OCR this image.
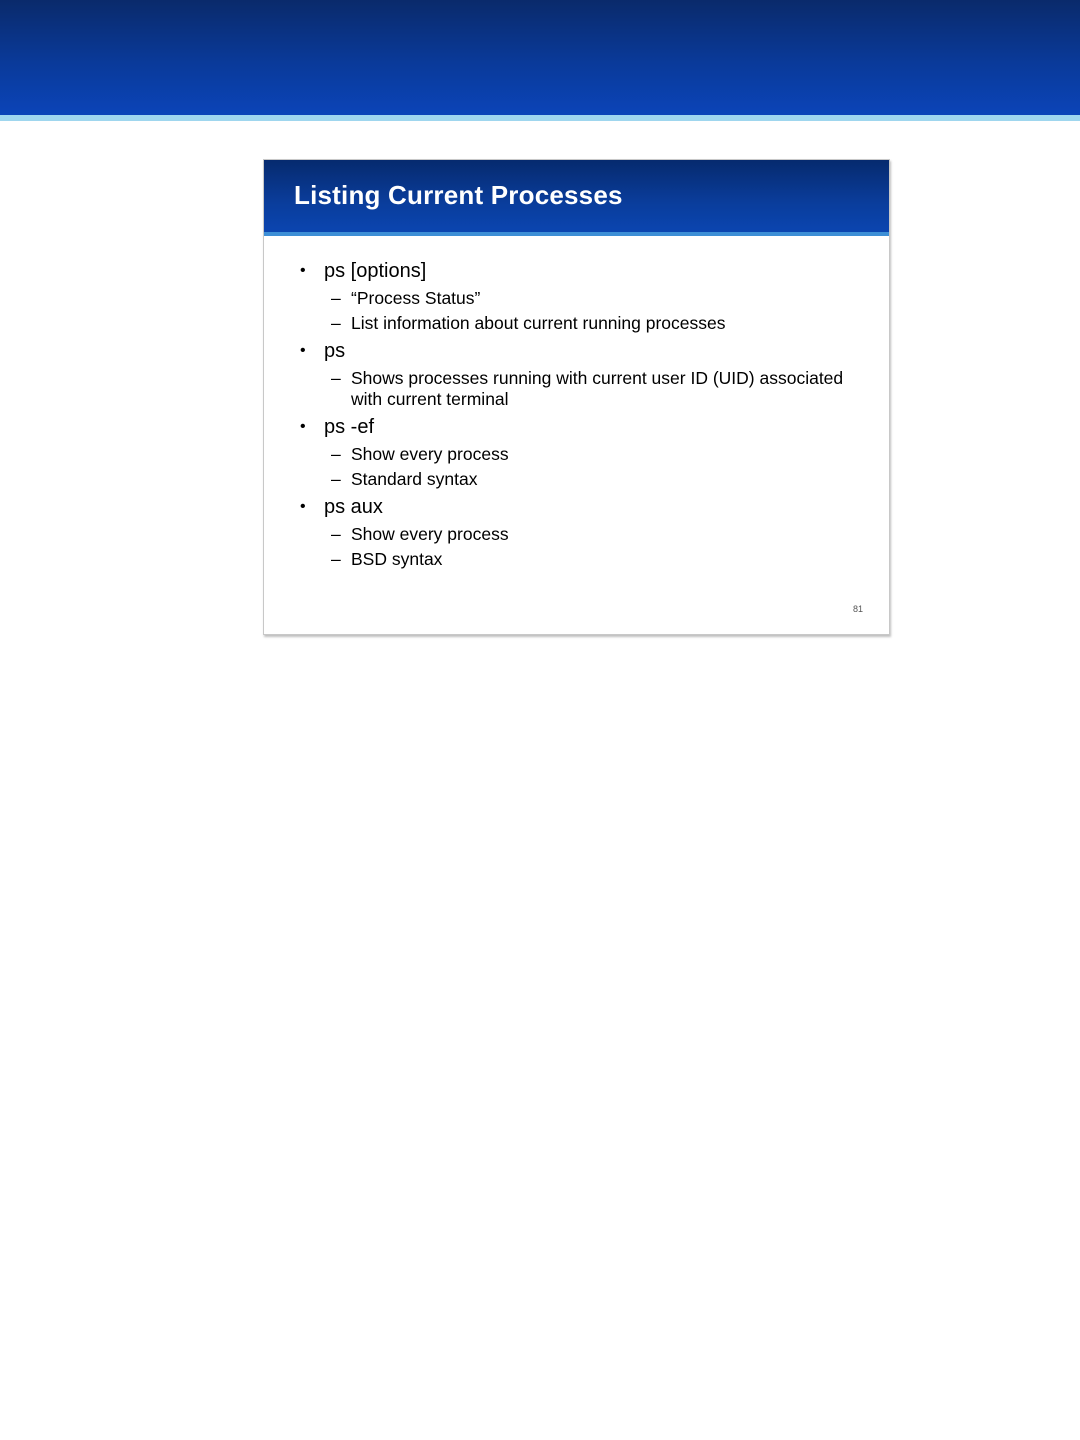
Listing Current Processes
• ps [options]
– “Process Status”
– List information about current running processes
• ps
– Shows processes running with current user ID (UID) associated with current terminal
• ps -ef
– Show every process
– Standard syntax
• ps aux
– Show every process
– BSD syntax
81
